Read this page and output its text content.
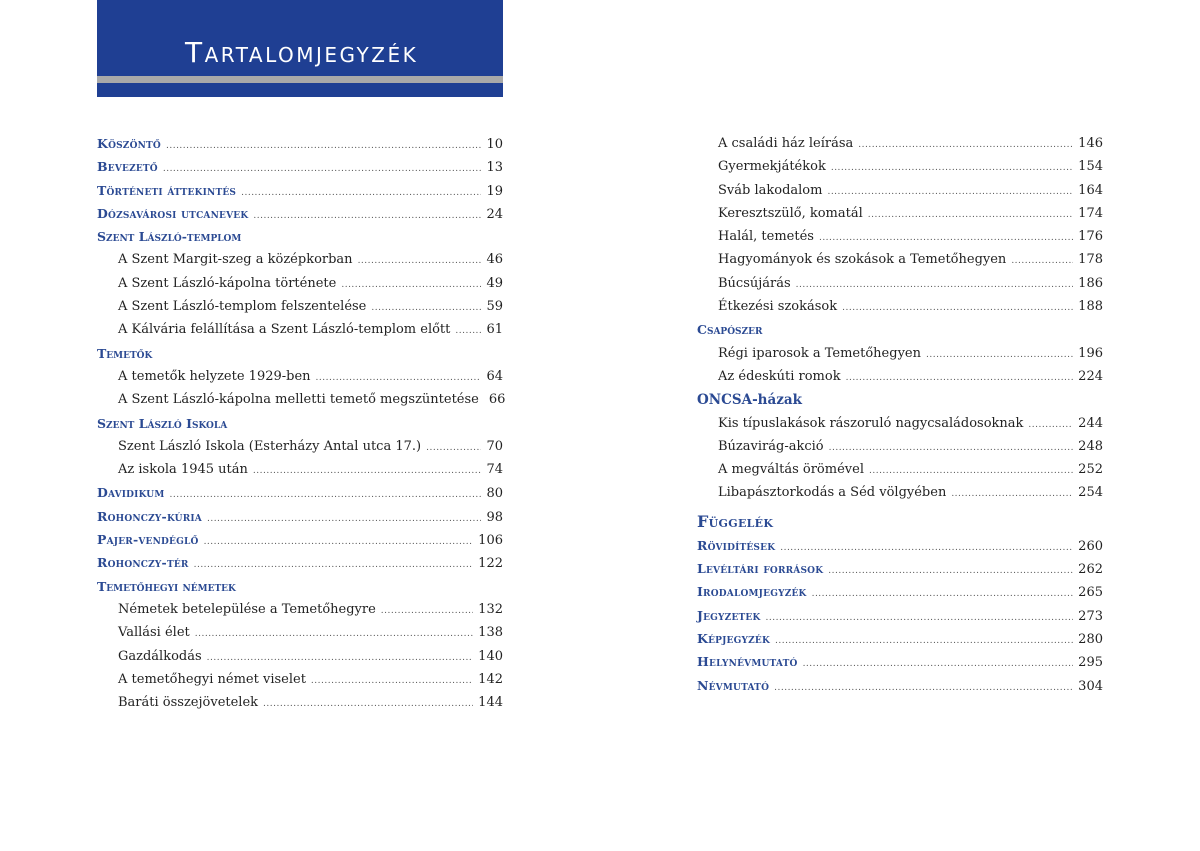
Tartalomjegyzék
Köszöntő .....	10
Bevezető .....	13
Történeti áttekintés .....	19
Dózsavárosi utcanevek .....	24
Szent László-templom
A Szent Margit-szeg a középkorban .....	46
A Szent László-kápolna története .....	49
A Szent László-templom felszentelése .....	59
A Kálvária felállítása a Szent László-templom előtt .....	61
Temetők
A temetők helyzete 1929-ben .....	64
A Szent László-kápolna melletti temető megszüntetése 66
Szent László Iskola
Szent László Iskola (Esterházy Antal utca 17.) .....	70
Az iskola 1945 után .....	74
Davidikum .....	80
Rohonczy-kúria .....	98
Pajer-vendéglő .....	106
Rohonczy-tér .....	122
Temetőhegyi németek
Németek betelepülése a Temetőhegyre .....	132
Vallási élet .....	138
Gazdálkodás .....	140
A temetőhegyi német viselet .....	142
Baráti összejövetelek .....	144
A családi ház leírása .....	146
Gyermekjátékok .....	154
Sváb lakodalom .....	164
Keresztszülő, komatál .....	174
Halál, temetés .....	176
Hagyományok és szokások a Temetőhegyen .....	178
Búcsújárás .....	186
Étkezési szokások .....	188
Csapószer
Régi iparosok a Temetőhegyen .....	196
Az édeskúti romok .....	224
ONCSA-házak
Kis típuslakások rászoruló nagycsaládosoknak .....	244
Búzavirág-akció .....	248
A megváltás örömével .....	252
Libapásztorkodás a Séd völgyében .....	254
Függelék
Rövidítések .....	260
Levéltári források .....	262
Irodalomjegyzék .....	265
Jegyzetek .....	273
Képjegyzék .....	280
Helynévmutató .....	295
Névmutató .....	304
